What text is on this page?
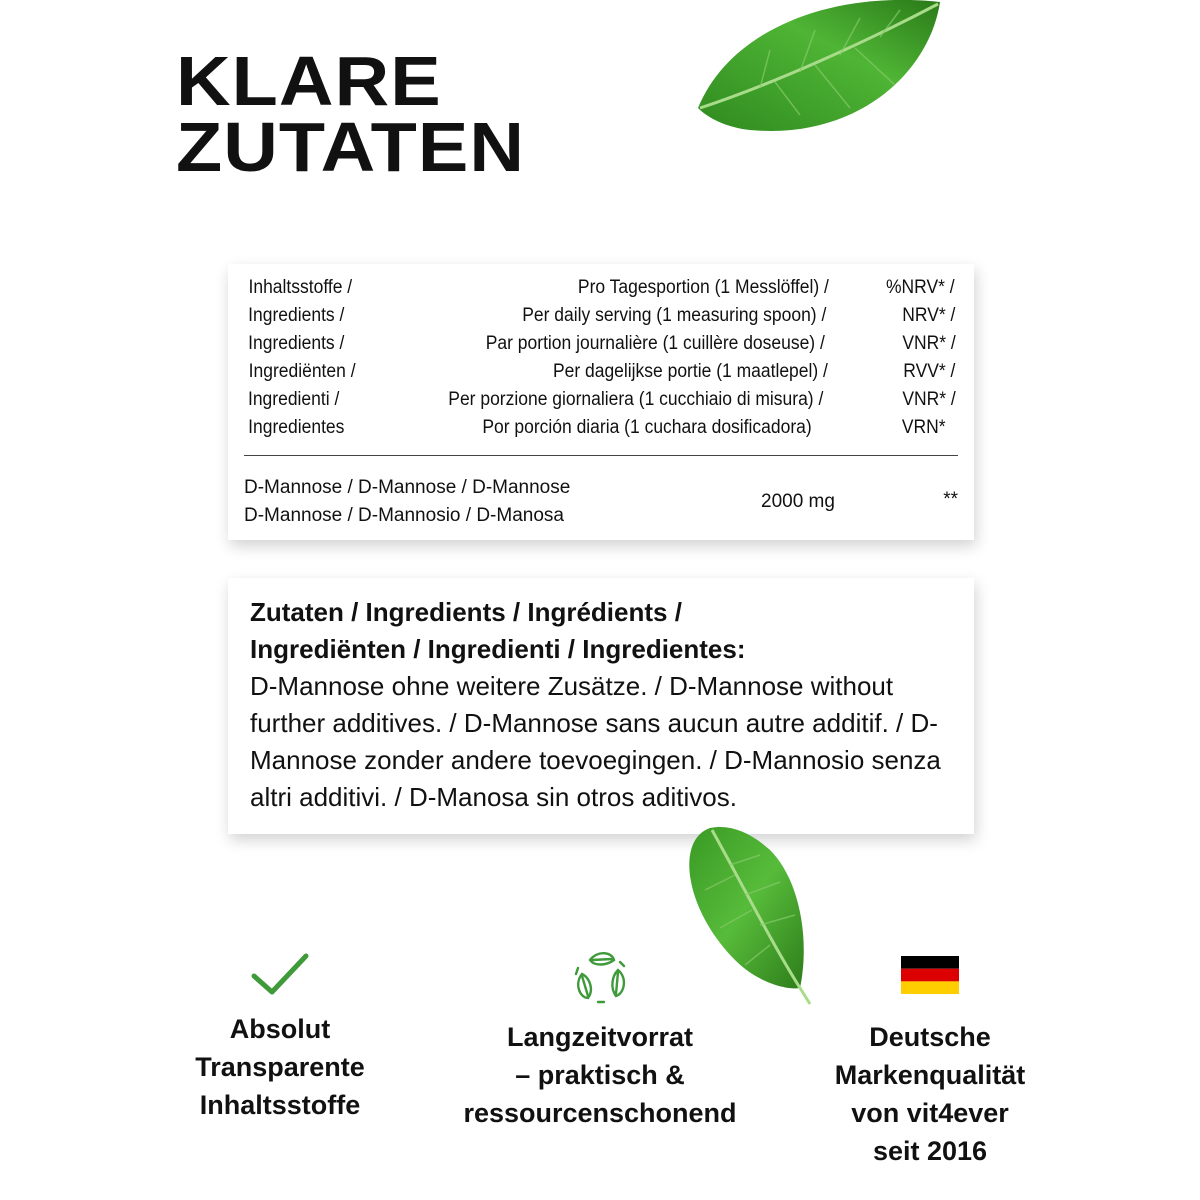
KLARE
ZUTATEN
Inhaltsstoffe /	Pro Tagesportion (1 Messlöffel) /	%NRV* /
Ingredients /	Per daily serving (1 measuring spoon) /	NRV* /
Ingredients /	Par portion journalière (1 cuillère doseuse) /	VNR* /
Ingrediënten /	Per dagelijkse portie (1 maatlepel) /	RVV* /
Ingredienti /	Per porzione giornaliera (1 cucchiaio di misura) /	VNR* /
Ingredientes	Por porción diaria (1 cuchara dosificadora)	VRN*
D-Mannose / D-Mannose / D-Mannose
D-Mannose / D-Mannosio / D-Manosa
2000 mg	**
Zutaten / Ingredients / Ingrédients /
Ingrediënten / Ingredienti / Ingredientes:
D-Mannose ohne weitere Zusätze. / D-Mannose without further additives. / D-Mannose sans aucun autre additif. / D-Mannose zonder andere toevoegingen. / D-Mannosio senza altri additivi. / D-Manosa sin otros aditivos.
Absolut
Transparente
Inhaltsstoffe
Langzeitvorrat
– praktisch &
ressourcenschonend
Deutsche
Markenqualität
von vit4ever
seit 2016
